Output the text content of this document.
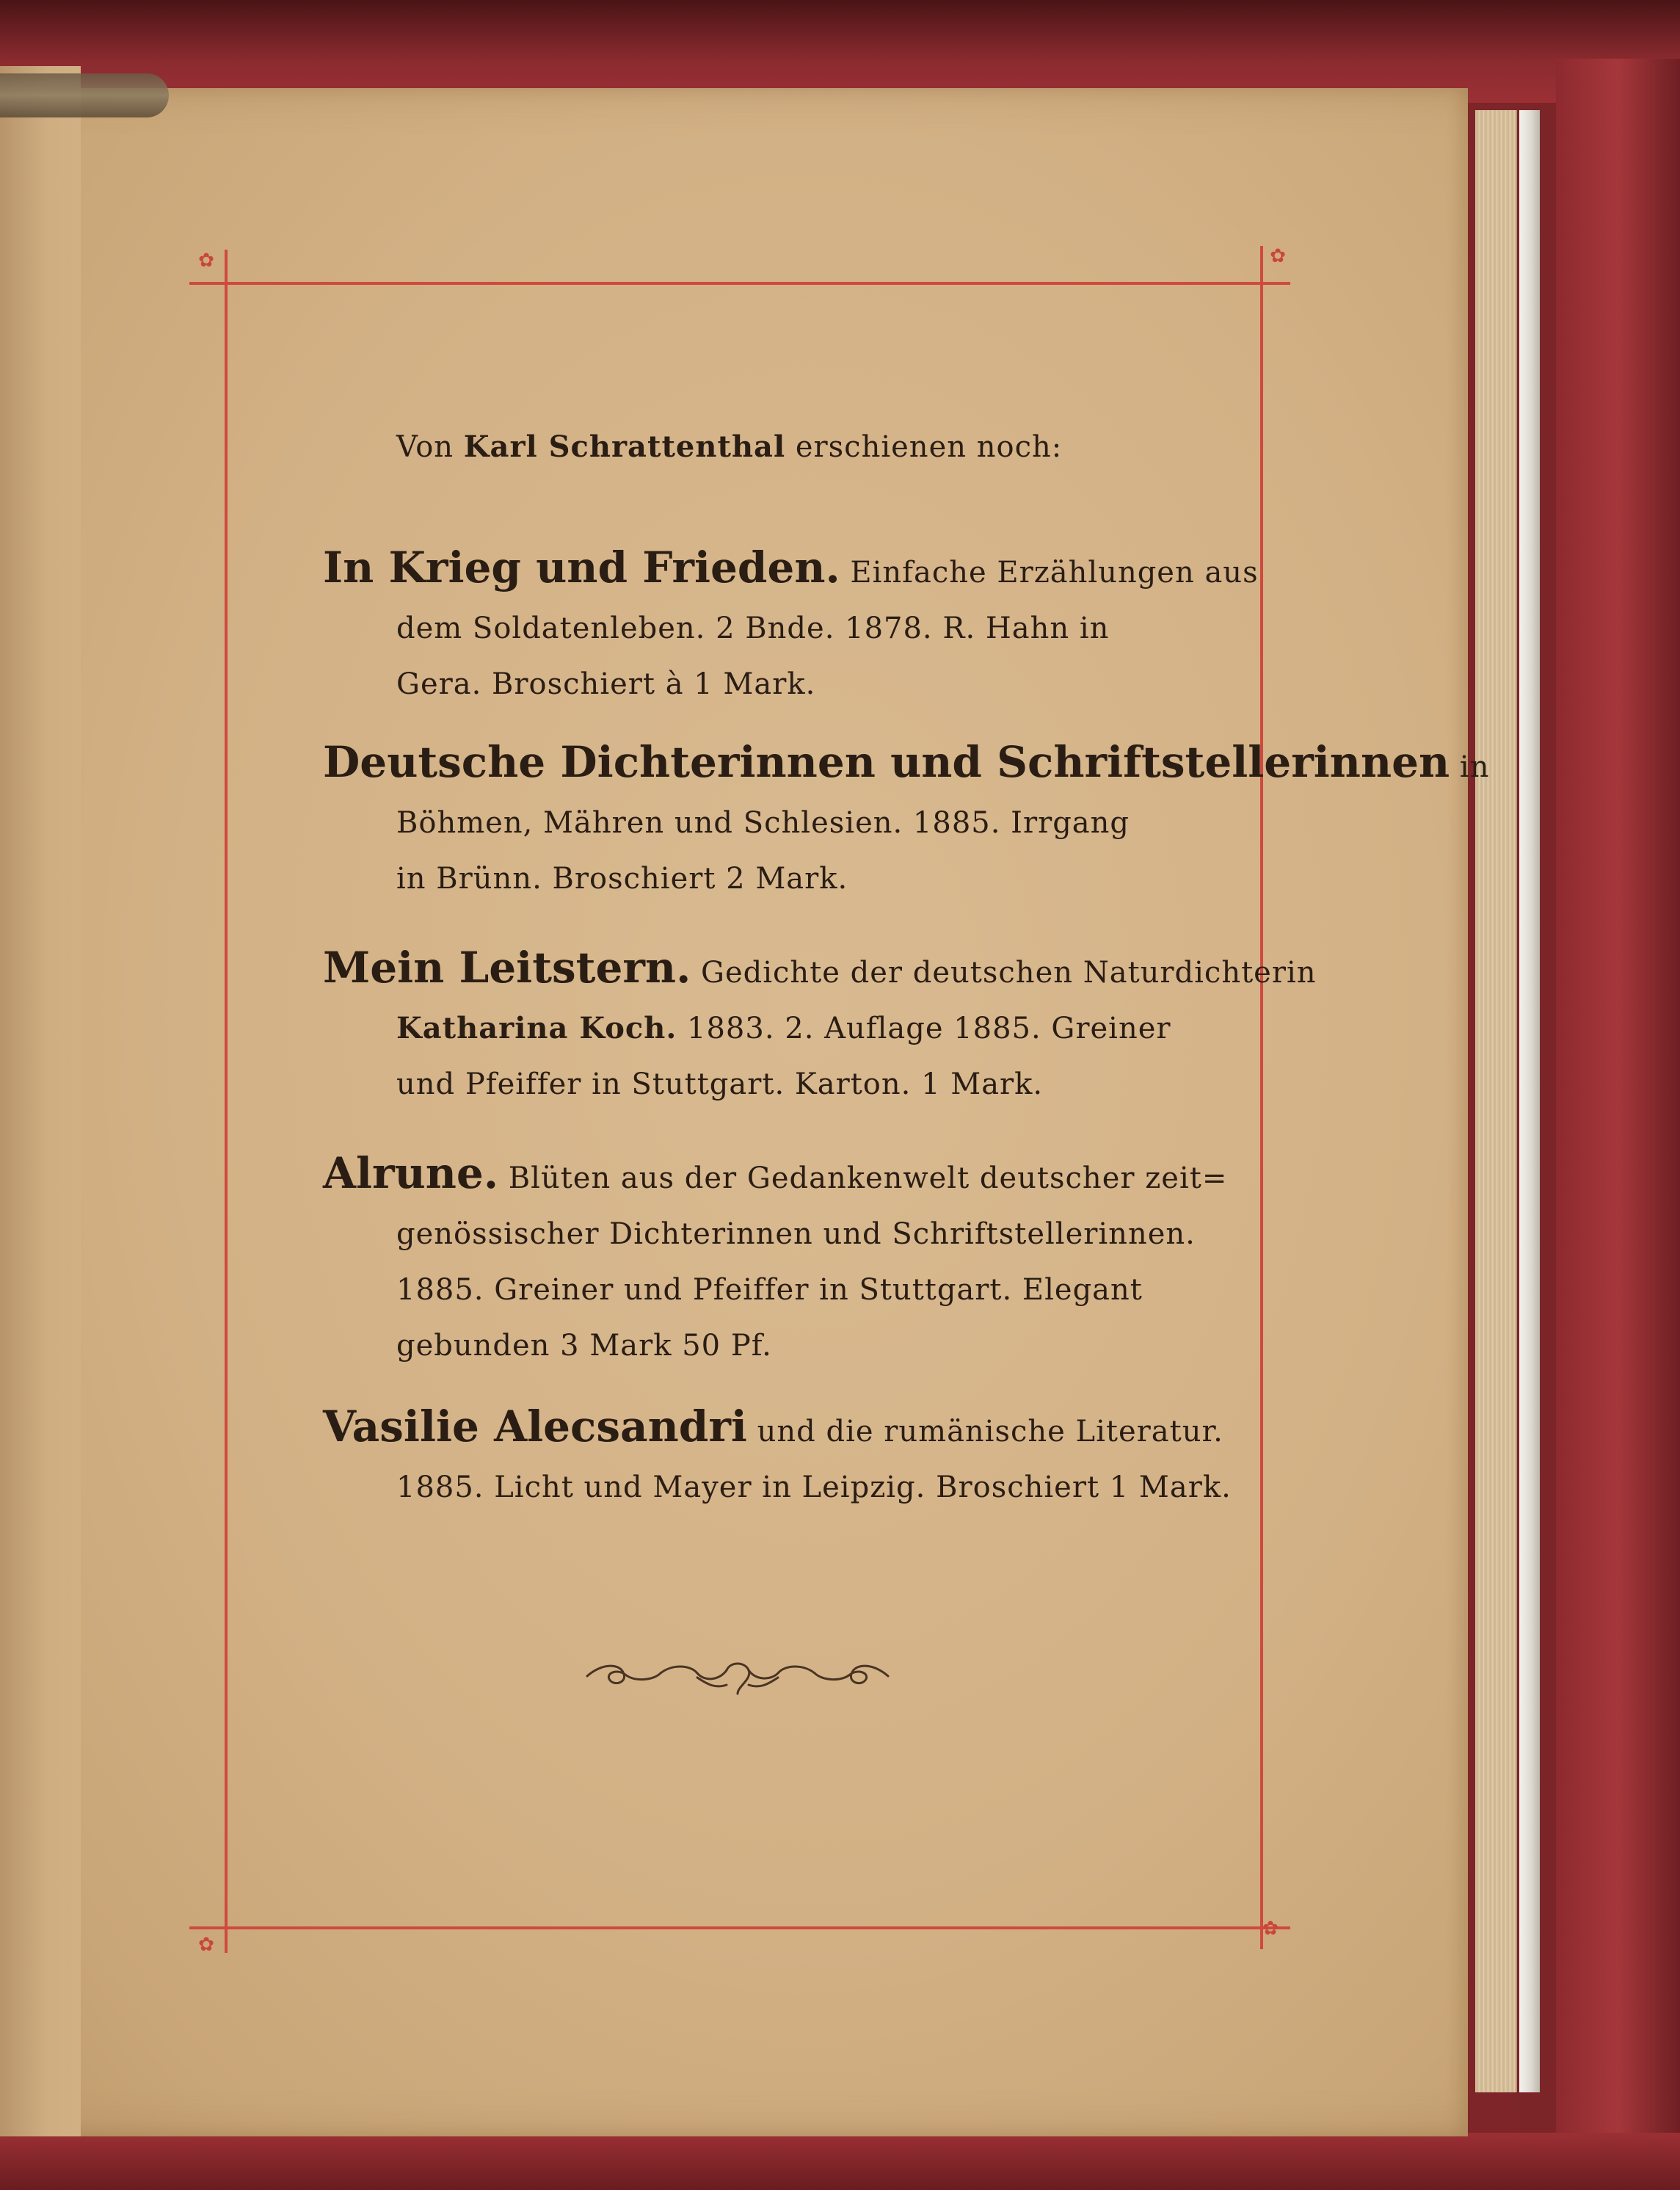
✿	✿
✿
✿
Von Karl Schrattenthal erschienen noch:
In Krieg und Frieden. Einfache Erzählungen aus
dem Soldatenleben. 2 Bnde. 1878. R. Hahn in
Gera. Broschiert à 1 Mark.
Deutsche Dichterinnen und Schriftstellerinnen in
Böhmen, Mähren und Schlesien. 1885. Irrgang
in Brünn. Broschiert 2 Mark.
Mein Leitstern. Gedichte der deutschen Naturdichterin
Katharina Koch. 1883. 2. Auflage 1885. Greiner
und Pfeiffer in Stuttgart. Karton. 1 Mark.
Alrune. Blüten aus der Gedankenwelt deutscher zeit=
genössischer Dichterinnen und Schriftstellerinnen.
1885. Greiner und Pfeiffer in Stuttgart. Elegant
gebunden 3 Mark 50 Pf.
Vasilie Alecsandri und die rumänische Literatur.
1885. Licht und Mayer in Leipzig. Broschiert 1 Mark.
